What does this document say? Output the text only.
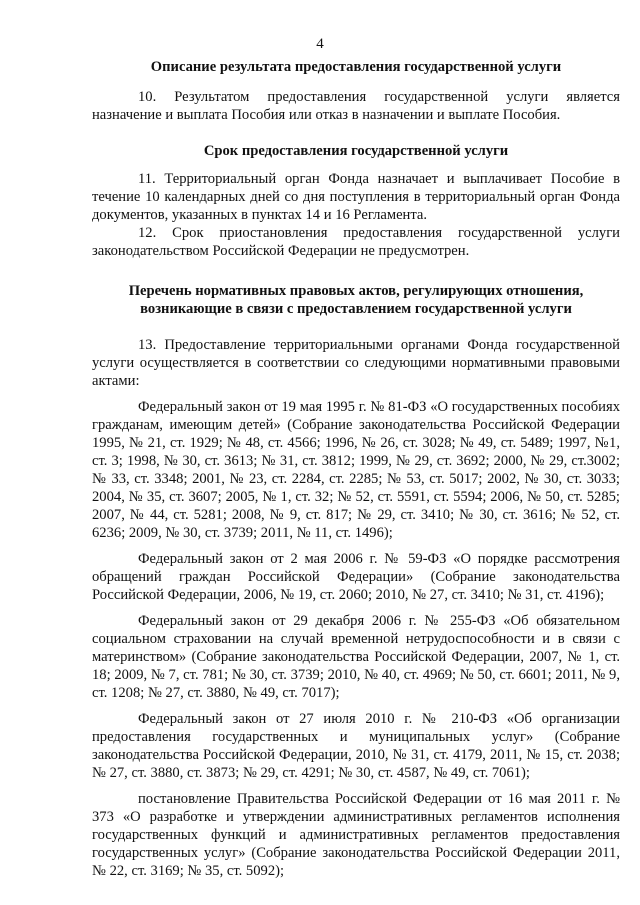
4

Описание результата предоставления государственной услуги

10. Результатом предоставления государственной услуги является назначение и выплата Пособия или отказ в назначении и выплате Пособия.

Срок предоставления государственной услуги

11. Территориальный орган Фонда назначает и выплачивает Пособие в течение 10 календарных дней со дня поступления в территориальный орган Фонда документов, указанных в пунктах 14 и 16 Регламента.

12. Срок приостановления предоставления государственной услуги законодательством Российской Федерации не предусмотрен.

Перечень нормативных правовых актов, регулирующих отношения, возникающие в связи с предоставлением государственной услуги

13. Предоставление территориальными органами Фонда государственной услуги осуществляется в соответствии со следующими нормативными правовыми актами:

Федеральный закон от 19 мая 1995 г. № 81-ФЗ «О государственных пособиях гражданам, имеющим детей» (Собрание законодательства Российской Федерации 1995, № 21, ст. 1929; № 48, ст. 4566; 1996, № 26, ст. 3028; № 49, ст. 5489; 1997, №1, ст. 3; 1998, № 30, ст. 3613; № 31, ст. 3812; 1999, № 29, ст. 3692; 2000, № 29, ст.3002; № 33, ст. 3348; 2001, № 23, ст. 2284, ст. 2285; № 53, ст. 5017; 2002, № 30, ст. 3033; 2004, № 35, ст. 3607; 2005, № 1, ст. 32; № 52, ст. 5591, ст. 5594; 2006, № 50, ст. 5285; 2007, № 44, ст. 5281; 2008, № 9, ст. 817; № 29, ст. 3410; № 30, ст. 3616; № 52, ст. 6236; 2009, № 30, ст. 3739; 2011, № 11, ст. 1496);

Федеральный закон от 2 мая 2006 г. № 59-ФЗ «О порядке рассмотрения обращений граждан Российской Федерации» (Собрание законодательства Российской Федерации, 2006, № 19, ст. 2060; 2010, № 27, ст. 3410; № 31, ст. 4196);

Федеральный закон от 29 декабря 2006 г. № 255-ФЗ «Об обязательном социальном страховании на случай временной нетрудоспособности и в связи с материнством» (Собрание законодательства Российской Федерации, 2007, № 1, ст. 18; 2009, № 7, ст. 781; № 30, ст. 3739; 2010, № 40, ст. 4969; № 50, ст. 6601; 2011, № 9, ст. 1208; № 27, ст. 3880, № 49, ст. 7017);

Федеральный закон от 27 июля 2010 г. № 210-ФЗ «Об организации предоставления государственных и муниципальных услуг» (Собрание законодательства Российской Федерации, 2010, № 31, ст. 4179, 2011, № 15, ст. 2038; № 27, ст. 3880, ст. 3873; № 29, ст. 4291; № 30, ст. 4587, № 49, ст. 7061);

постановление Правительства Российской Федерации от 16 мая 2011 г. № 373 «О разработке и утверждении административных регламентов исполнения государственных функций и административных регламентов предоставления государственных услуг» (Собрание законодательства Российской Федерации 2011, № 22, ст. 3169; № 35, ст. 5092);
